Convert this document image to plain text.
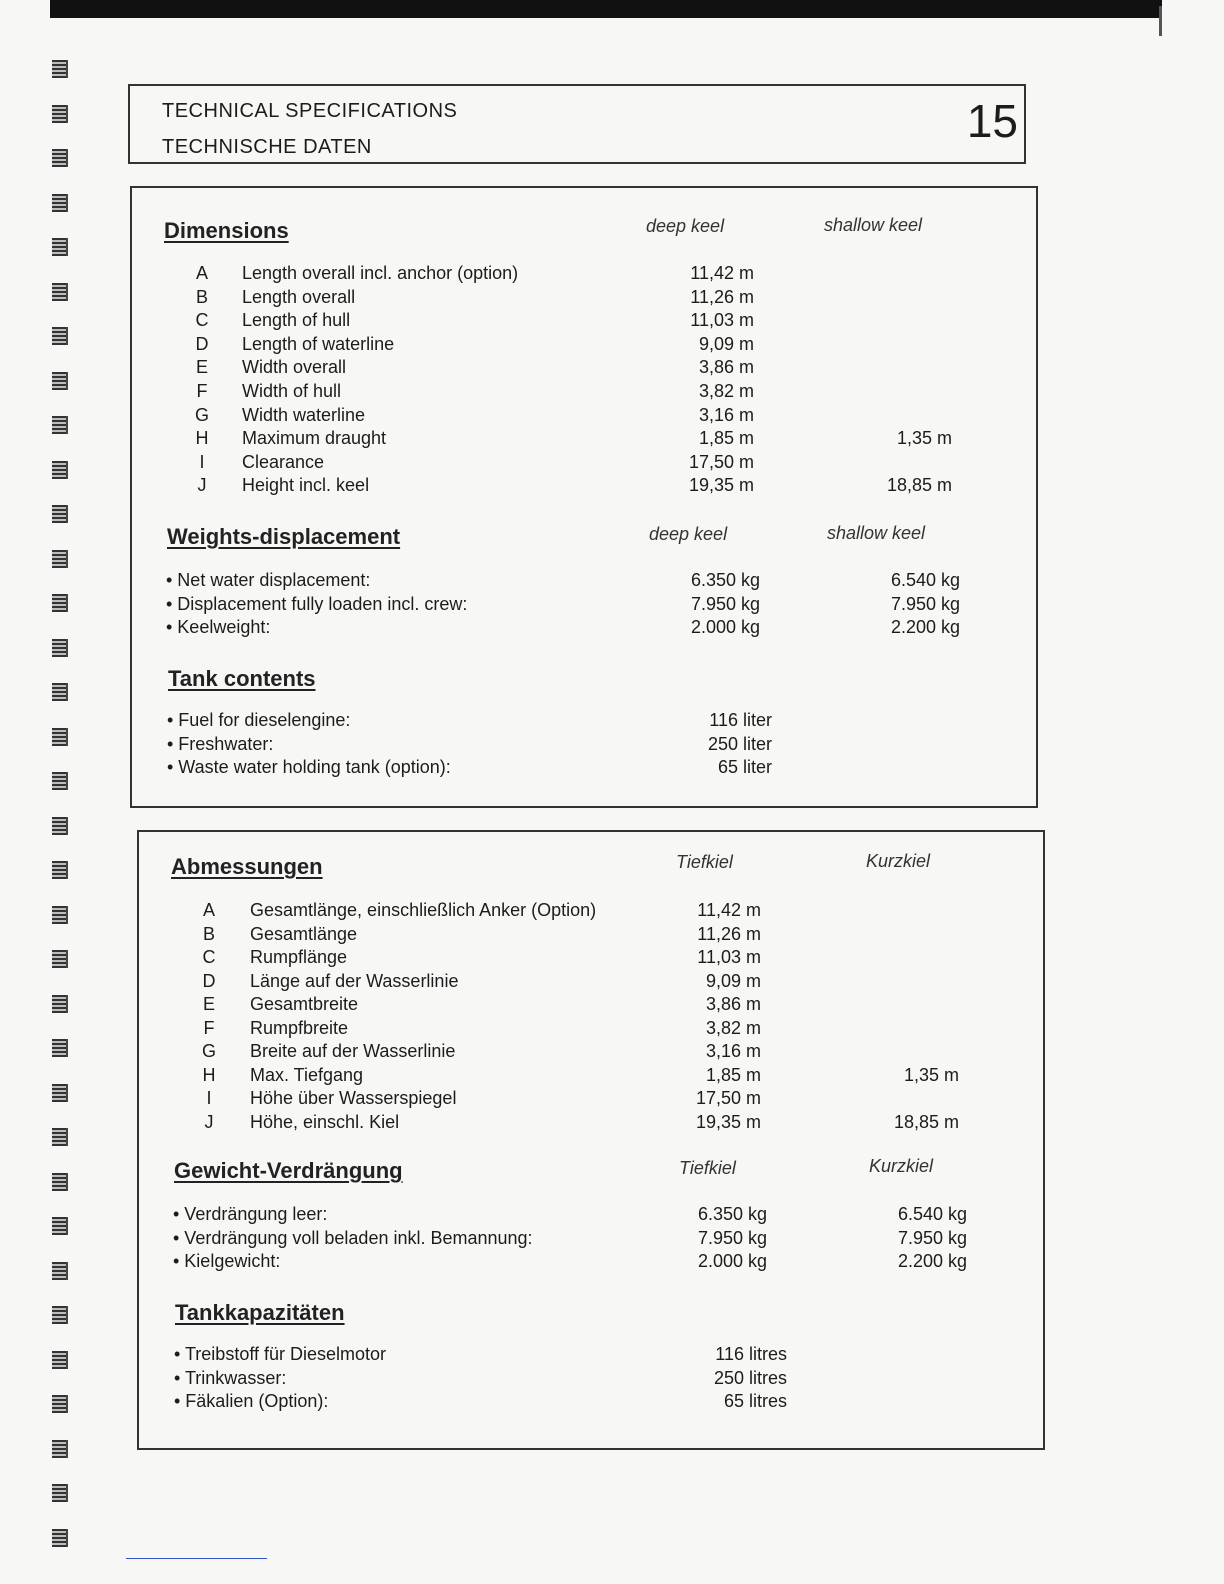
TECHNICAL SPECIFICATIONS
TECHNISCHE DATEN	15
Dimensions	deep keel	shallow keel
A Length overall incl. anchor (option)	11,42 m
B Length overall	11,26 m
C Length of hull	11,03 m
D Length of waterline	9,09 m
E Width overall	3,86 m
F Width of hull	3,82 m
G Width waterline	3,16 m
H Maximum draught	1,85 m	1,35 m
I	Clearance	17,50 m
J	Height incl. keel	19,35 m	18,85 m
Weights-displacement	deep keel	shallow keel
• Net water displacement:	6.350 kg	6.540 kg
• Displacement fully loaden incl. crew:	7.950 kg	7.950 kg
• Keelweight:	2.000 kg	2.200 kg
Tank contents
• Fuel for dieselengine:	116 liter
• Freshwater:	250 liter
• Waste water holding tank (option):	65 liter
Abmessungen	Tiefkiel	Kurzkiel
A Gesamtlänge, einschließlich Anker (Option)	11,42 m
B Gesamtlänge	11,26 m
C Rumpflänge	11,03 m
D Länge auf der Wasserlinie	9,09 m
E Gesamtbreite	3,86 m
F Rumpfbreite	3,82 m
G Breite auf der Wasserlinie	3,16 m
H Max. Tiefgang	1,85 m	1,35 m
I	Höhe über Wasserspiegel	17,50 m
J	Höhe, einschl. Kiel	19,35 m	18,85 m
Gewicht-Verdrängung	Tiefkiel	Kurzkiel
• Verdrängung leer:	6.350 kg	6.540 kg
• Verdrängung voll beladen inkl. Bemannung:	7.950 kg	7.950 kg
• Kielgewicht:	2.000 kg	2.200 kg
Tankkapazitäten
• Treibstoff für Dieselmotor	116 litres
• Trinkwasser:	250 litres
• Fäkalien (Option):	65 litres
